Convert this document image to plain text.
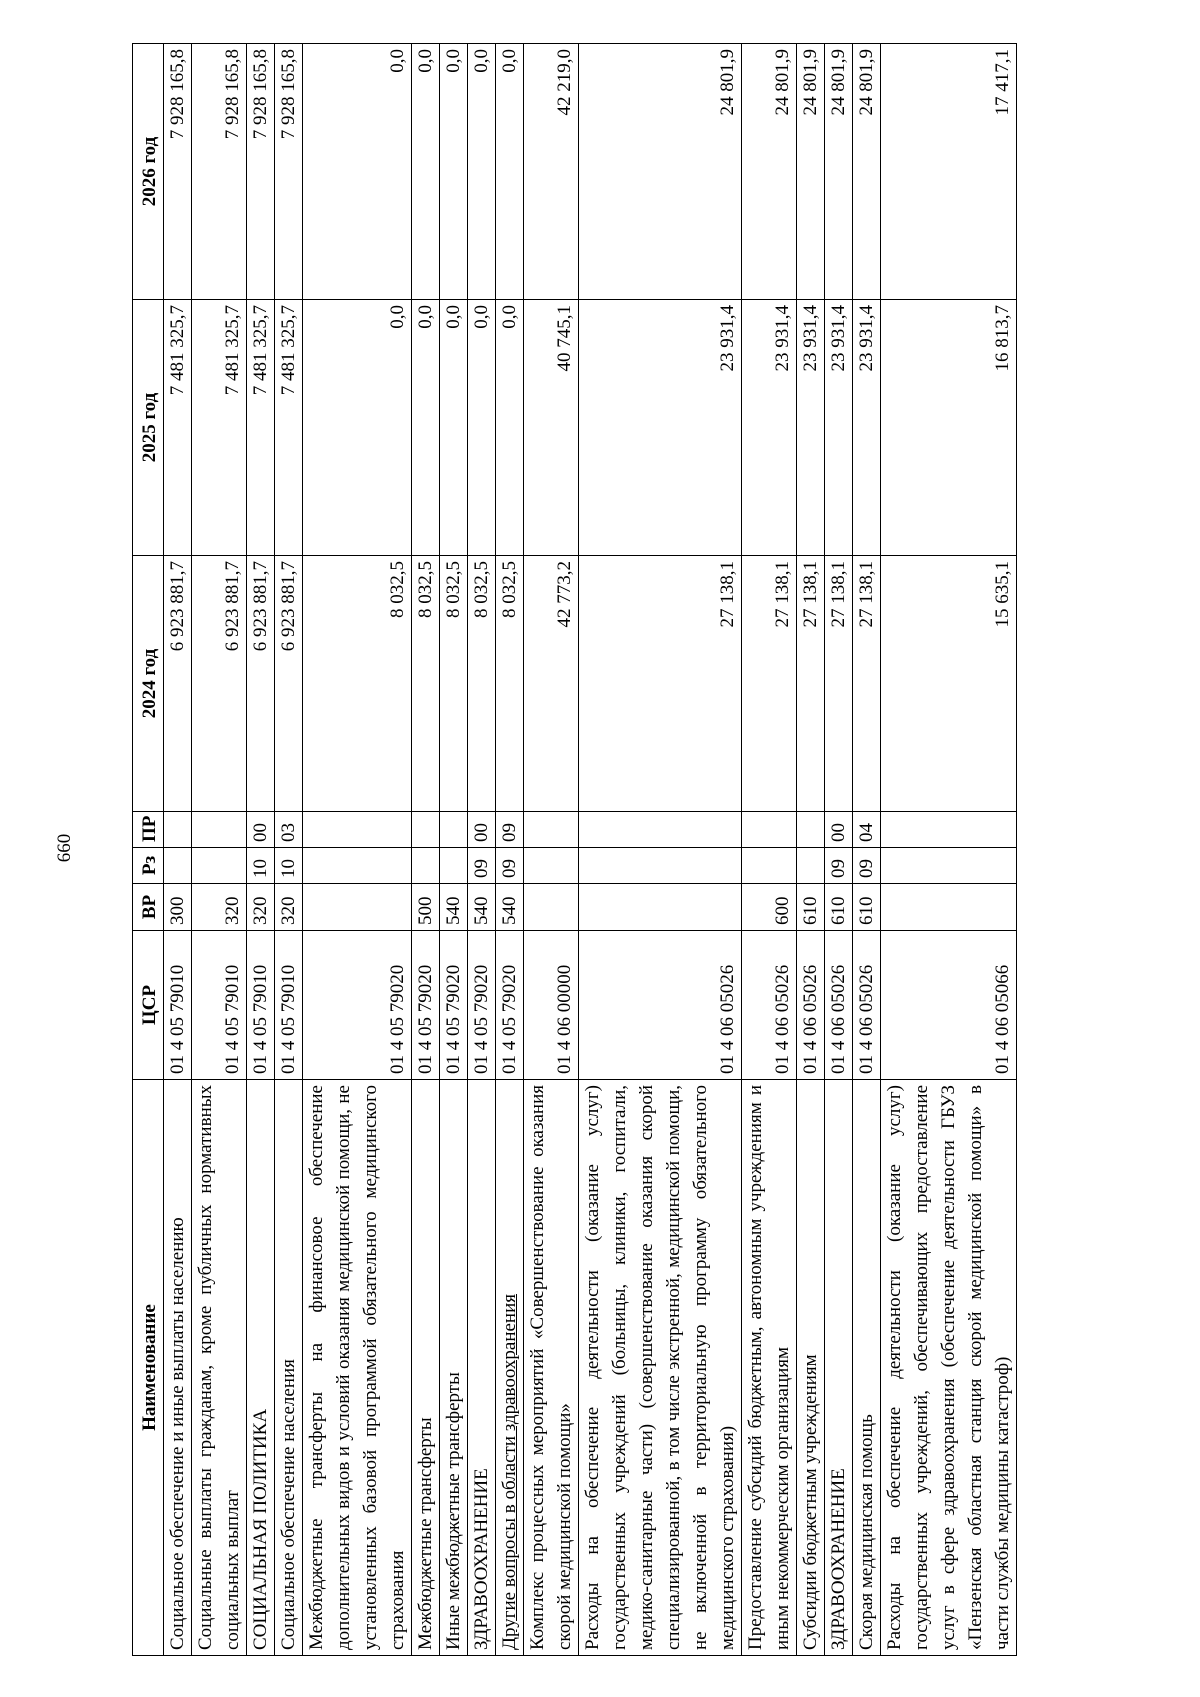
660
Наименование	ЦСР	ВР	Рз	ПР	2024 год	2025 год	2026 год
Социальное обеспечение и иные выплаты населению	01 4 05 79010	300			6 923 881,7	7 481 325,7	7 928 165,8
Социальные выплаты гражданам, кроме публичных нормативных социальных выплат	01 4 05 79010	320			6 923 881,7	7 481 325,7	7 928 165,8
СОЦИАЛЬНАЯ ПОЛИТИКА	01 4 05 79010	320	10	00	6 923 881,7	7 481 325,7	7 928 165,8
Социальное обеспечение населения	01 4 05 79010	320	10	03	6 923 881,7	7 481 325,7	7 928 165,8
Межбюджетные трансферты на финансовое обеспечение дополнительных видов и условий оказания медицинской помощи, не установленных базовой программой обязательного медицинского страхования	01 4 05 79020				8 032,5	0,0	0,0
Межбюджетные трансферты	01 4 05 79020	500			8 032,5	0,0	0,0
Иные межбюджетные трансферты	01 4 05 79020	540			8 032,5	0,0	0,0
ЗДРАВООХРАНЕНИЕ	01 4 05 79020	540	09	00	8 032,5	0,0	0,0
Другие вопросы в области здравоохранения	01 4 05 79020	540	09	09	8 032,5	0,0	0,0
Комплекс процессных мероприятий «Совершенствование оказания скорой медицинской помощи»	01 4 06 00000				42 773,2	40 745,1	42 219,0
Расходы на обеспечение деятельности (оказание услуг) государственных учреждений (больницы, клиники, госпитали, медико-санитарные части) (совершенствование оказания скорой специализированной, в том числе экстренной, медицинской помощи, не включенной в территориальную программу обязательного медицинского страхования)	01 4 06 05026				27 138,1	23 931,4	24 801,9
Предоставление субсидий бюджетным, автономным учреждениям и иным некоммерческим организациям	01 4 06 05026	600			27 138,1	23 931,4	24 801,9
Субсидии бюджетным учреждениям	01 4 06 05026	610			27 138,1	23 931,4	24 801,9
ЗДРАВООХРАНЕНИЕ	01 4 06 05026	610	09	00	27 138,1	23 931,4	24 801,9
Скорая медицинская помощь	01 4 06 05026	610	09	04	27 138,1	23 931,4	24 801,9
Расходы на обеспечение деятельности (оказание услуг) государственных учреждений, обеспечивающих предоставление услуг в сфере здравоохранения (обеспечение деятельности ГБУЗ «Пензенская областная станция скорой медицинской помощи» в части службы медицины катастроф)	01 4 06 05066				15 635,1	16 813,7	17 417,1
